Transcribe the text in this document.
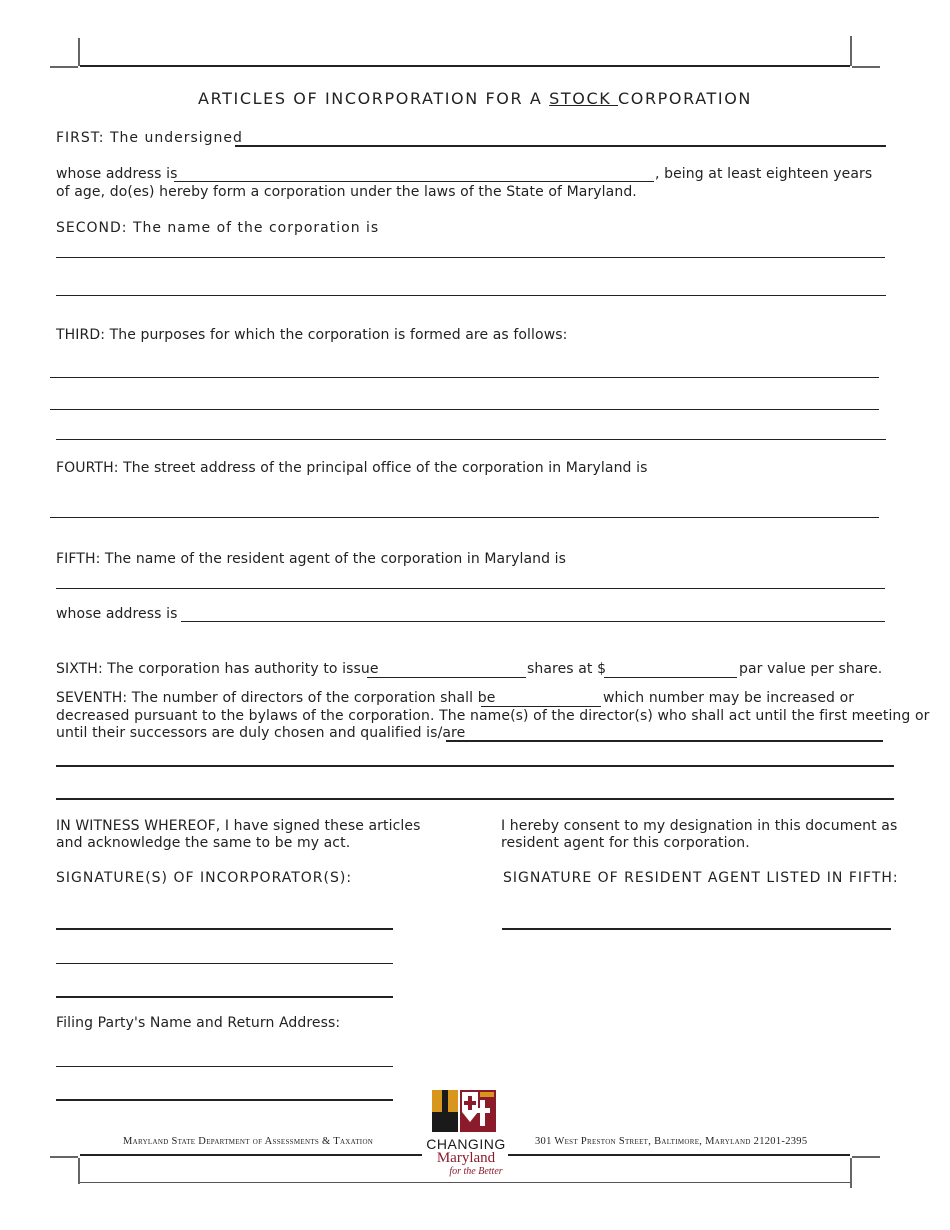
ARTICLES OF INCORPORATION FOR A STOCK CORPORATION
FIRST: The undersigned
whose address is	, being at least eighteen years
of age, do(es) hereby form a corporation under the laws of the State of Maryland.
SECOND: The name of the corporation is
THIRD: The purposes for which the corporation is formed are as follows:
FOURTH: The street address of the principal office of the corporation in Maryland is
FIFTH: The name of the resident agent of the corporation in Maryland is
whose address is
SIXTH: The corporation has authority to issue	shares at $	par value per share.
SEVENTH: The number of directors of the corporation shall be	which number may be increased or
decreased pursuant to the bylaws of the corporation. The name(s) of the director(s) who shall act until the first meeting or
until their successors are duly chosen and qualified is/are
IN WITNESS WHEREOF, I have signed these articles
and acknowledge the same to be my act.
SIGNATURE(S) OF INCORPORATOR(S):
I hereby consent to my designation in this document as
resident agent for this corporation.
SIGNATURE OF RESIDENT AGENT LISTED IN FIFTH:
Filing Party's Name and Return Address:
Maryland State Department of Assessments & Taxation	301 West Preston Street, Baltimore, Maryland 21201-2395
CHANGING
Maryland
for the Better
